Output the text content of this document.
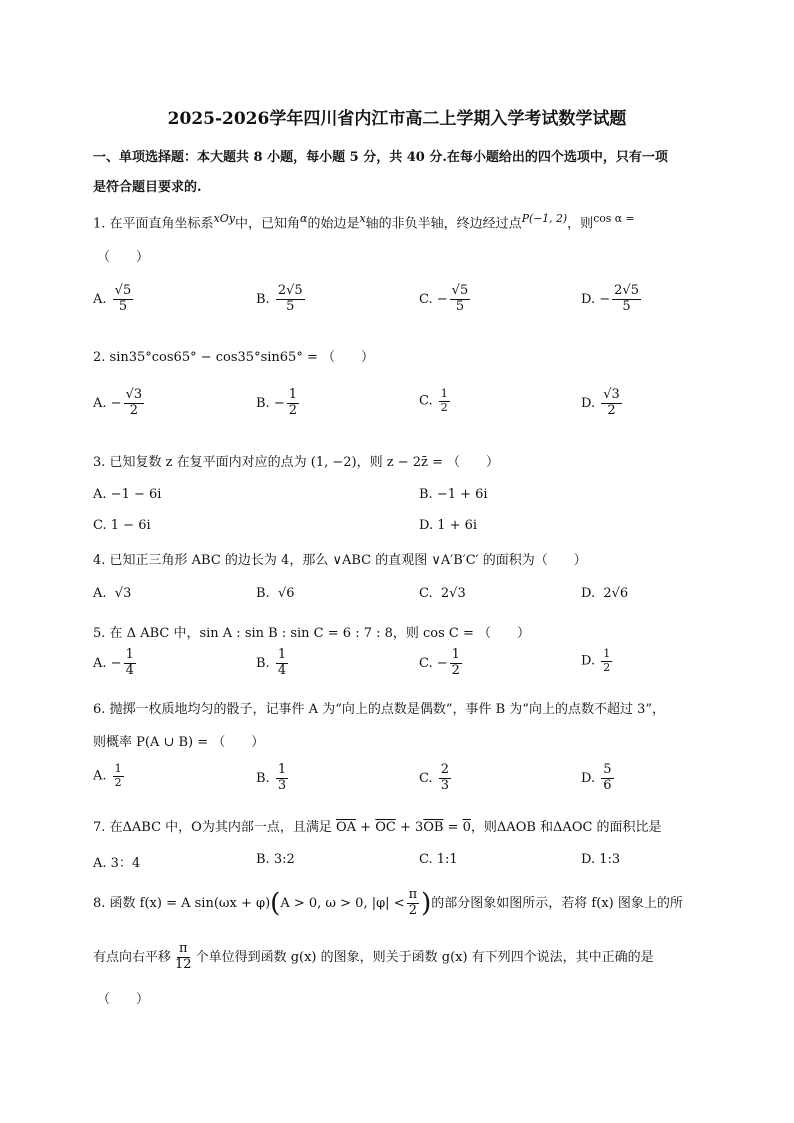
2025-2026学年四川省内江市高二上学期入学考试数学试题
一、单项选择题：本大题共 8 小题，每小题 5 分，共 40 分.在每小题给出的四个选项中，只有一项
是符合题目要求的.
1. 在平面直角坐标系$^{xOy}$中，已知角$^\alpha$的始边是$^x$轴的非负半轴，终边经过点$^{P(-1, 2)}$，则$^{cos \alpha =}$
（　　）
A. $\frac{√5}{5}$	B. $\frac{2√5}{5}$	C. − $\frac{√5}{5}$	D. − $\frac{2√5}{5}$
2. sin35°cos65° − cos35°sin65° = （　　）
A. − $\frac{√3}{2}$	B. − $\frac{1}{2}$	C. $\frac{1}{2}$	D. $\frac{√3}{2}$
3. 已知复数 z 在复平面内对应的点为 (1, −2)，则 z − 2z̄ = （　　）
A. −1 − 6i	B. −1 + 6i
C. 1 − 6i	D. 1 + 6i
4. 已知正三角形 ABC 的边长为 4，那么 ∨ABC 的直观图 ∨A′B′C′ 的面积为（　　）
A. √3	B. √6	C. 2√3	D. 2√6
5. 在 Δ ABC 中，sin A : sin B : sin C = 6 : 7 : 8，则 cos C = （　　）
A. − $\frac{1}{4}$	B. $\frac{1}{4}$	C. − $\frac{1}{2}$	D. $\frac{1}{2}$
6. 抛掷一枚质地均匀的骰子，记事件 A 为“向上的点数是偶数”，事件 B 为“向上的点数不超过 3”，
则概率 P(A ∪ B) = （　　）
A. $\frac{1}{2}$	B. $\frac{1}{3}$	C. $\frac{2}{3}$	D. $\frac{5}{6}$
7. 在ΔABC 中，O为其内部一点，且满足 $\overline{OA} + \overline{OC} + 3\overline{OB} = 0$，则ΔAOB 和ΔAOC 的面积比是
A. 3：4	B. 3:2	C. 1:1	D. 1:3
8. 函数 f(x) = A sin(ωx + φ)(A > 0, ω > 0, $|\varphi| < \frac{\pi}{2}$ )的部分图象如图所示，若将 f(x) 图象上的所
有点向右平移 $\frac{\pi}{12}$ 个单位得到函数 g(x) 的图象，则关于函数 g(x) 有下列四个说法，其中正确的是
（　　）
